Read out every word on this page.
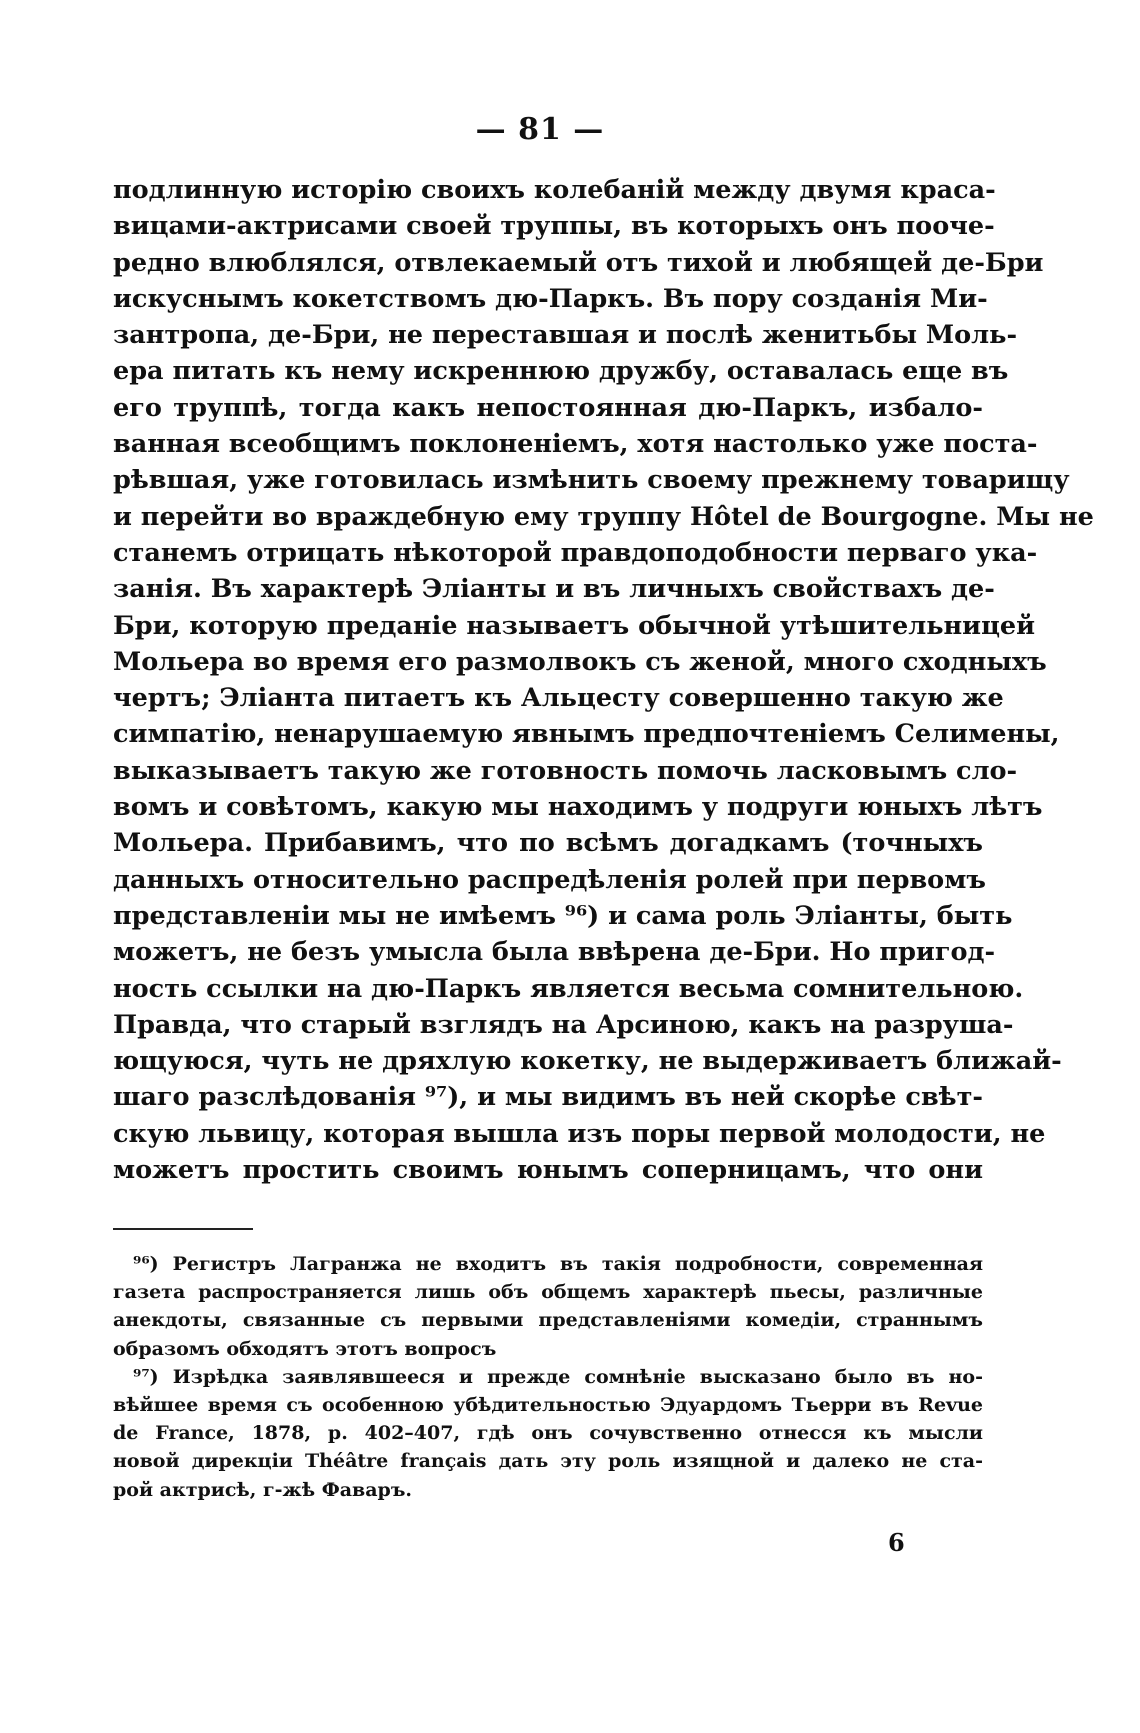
— 81 —
подлинную исторію своихъ колебаній между двумя краса-
вицами-актрисами своей труппы, въ которыхъ онъ пооче-
редно влюблялся, отвлекаемый отъ тихой и любящей де-Бри
искуснымъ кокетствомъ дю-Паркъ. Въ пору созданія Ми-
зантропа, де-Бри, не переставшая и послѣ женитьбы Моль-
ера питать къ нему искреннюю дружбу, оставалась еще въ
его труппѣ, тогда какъ непостоянная дю-Паркъ, избало-
ванная всеобщимъ поклоненіемъ, хотя настолько уже поста-
рѣвшая, уже готовилась измѣнить своему прежнему товарищу
и перейти во враждебную ему труппу Hôtel de Bourgogne. Мы не
станемъ отрицать нѣкоторой правдоподобности перваго ука-
занія. Въ характерѣ Эліанты и въ личныхъ свойствахъ де-
Бри, которую преданіе называетъ обычной утѣшительницей
Мольера во время его размолвокъ съ женой, много сходныхъ
чертъ; Эліанта питаетъ къ Альцесту совершенно такую же
симпатію, ненарушаемую явнымъ предпочтеніемъ Селимены,
выказываетъ такую же готовность помочь ласковымъ сло-
вомъ и совѣтомъ, какую мы находимъ у подруги юныхъ лѣтъ
Мольера. Прибавимъ, что по всѣмъ догадкамъ (точныхъ
данныхъ относительно распредѣленія ролей при первомъ
представленіи мы не имѣемъ ⁹⁶) и сама роль Эліанты, быть
можетъ, не безъ умысла была ввѣрена де-Бри. Но пригод-
ность ссылки на дю-Паркъ является весьма сомнительною.
Правда, что старый взглядъ на Арсиною, какъ на разруша-
ющуюся, чуть не дряхлую кокетку, не выдерживаетъ ближай-
шаго разслѣдованія ⁹⁷), и мы видимъ въ ней скорѣе свѣт-
скую львицу, которая вышла изъ поры первой молодости, не
можетъ простить своимъ юнымъ соперницамъ, что они
⁹⁶) Регистръ Лагранжа не входитъ въ такія подробности, современная
газета распространяется лишь объ общемъ характерѣ пьесы, различные
анекдоты, связанные съ первыми представленіями комедіи, страннымъ
образомъ обходятъ этотъ вопросъ
⁹⁷) Изрѣдка заявлявшееся и прежде сомнѣніе высказано было въ но-
вѣйшее время съ особенною убѣдительностью Эдуардомъ Тьерри въ Revue
de France, 1878, p. 402–407, гдѣ онъ сочувственно отнесся къ мысли
новой дирекціи Théâtre français дать эту роль изящной и далеко не ста-
рой актрисѣ, г-жѣ Фаваръ.
6
